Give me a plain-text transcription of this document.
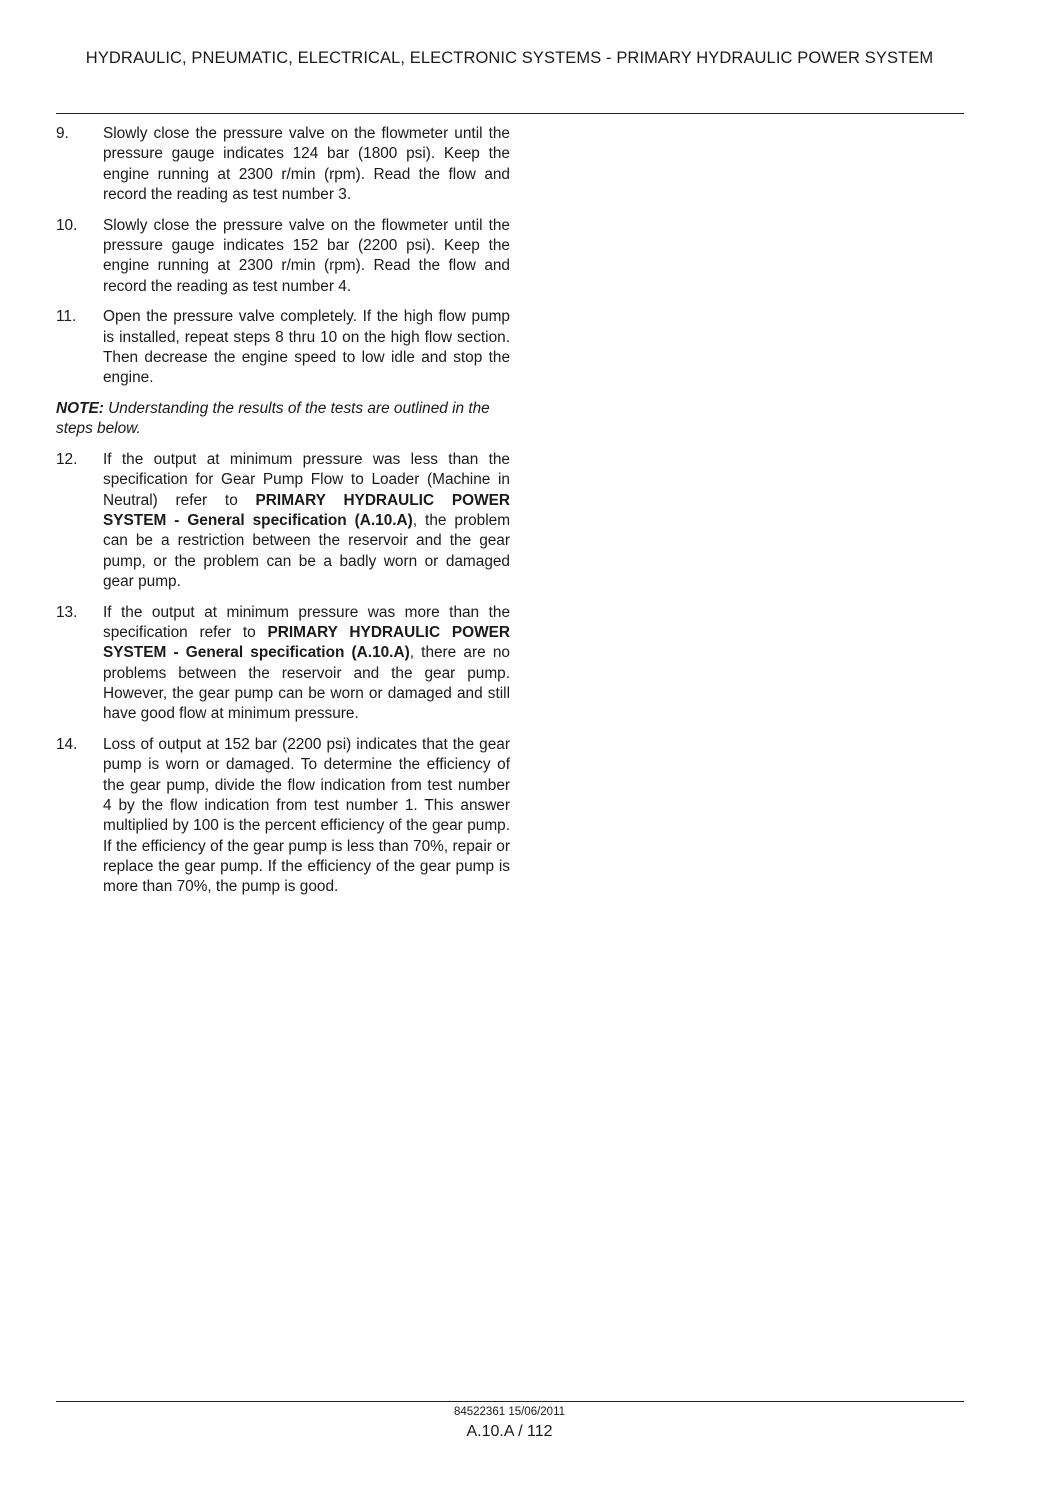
HYDRAULIC, PNEUMATIC, ELECTRICAL, ELECTRONIC SYSTEMS - PRIMARY HYDRAULIC POWER SYSTEM
9.	Slowly close the pressure valve on the flowmeter until the pressure gauge indicates 124 bar (1800 psi). Keep the engine running at 2300 r/min (rpm). Read the flow and record the reading as test number 3.
10.	Slowly close the pressure valve on the flowmeter until the pressure gauge indicates 152 bar (2200 psi). Keep the engine running at 2300 r/min (rpm). Read the flow and record the reading as test number 4.
11.	Open the pressure valve completely. If the high flow pump is installed, repeat steps 8 thru 10 on the high flow section. Then decrease the engine speed to low idle and stop the engine.

NOTE: Understanding the results of the tests are outlined in the steps below.

12.	If the output at minimum pressure was less than the specification for Gear Pump Flow to Loader (Machine in Neutral) refer to PRIMARY HYDRAULIC POWER SYSTEM - General specification (A.10.A), the problem can be a restriction between the reservoir and the gear pump, or the problem can be a badly worn or damaged gear pump.
13.	If the output at minimum pressure was more than the specification refer to PRIMARY HYDRAULIC POWER SYSTEM - General specification (A.10.A), there are no problems between the reservoir and the gear pump. However, the gear pump can be worn or damaged and still have good flow at minimum pressure.
14.	Loss of output at 152 bar (2200 psi) indicates that the gear pump is worn or damaged. To determine the efficiency of the gear pump, divide the flow indication from test number 4 by the flow indication from test number 1. This answer multiplied by 100 is the percent efficiency of the gear pump. If the efficiency of the gear pump is less than 70%, repair or replace the gear pump. If the efficiency of the gear pump is more than 70%, the pump is good.
84522361 15/06/2011
A.10.A / 112
